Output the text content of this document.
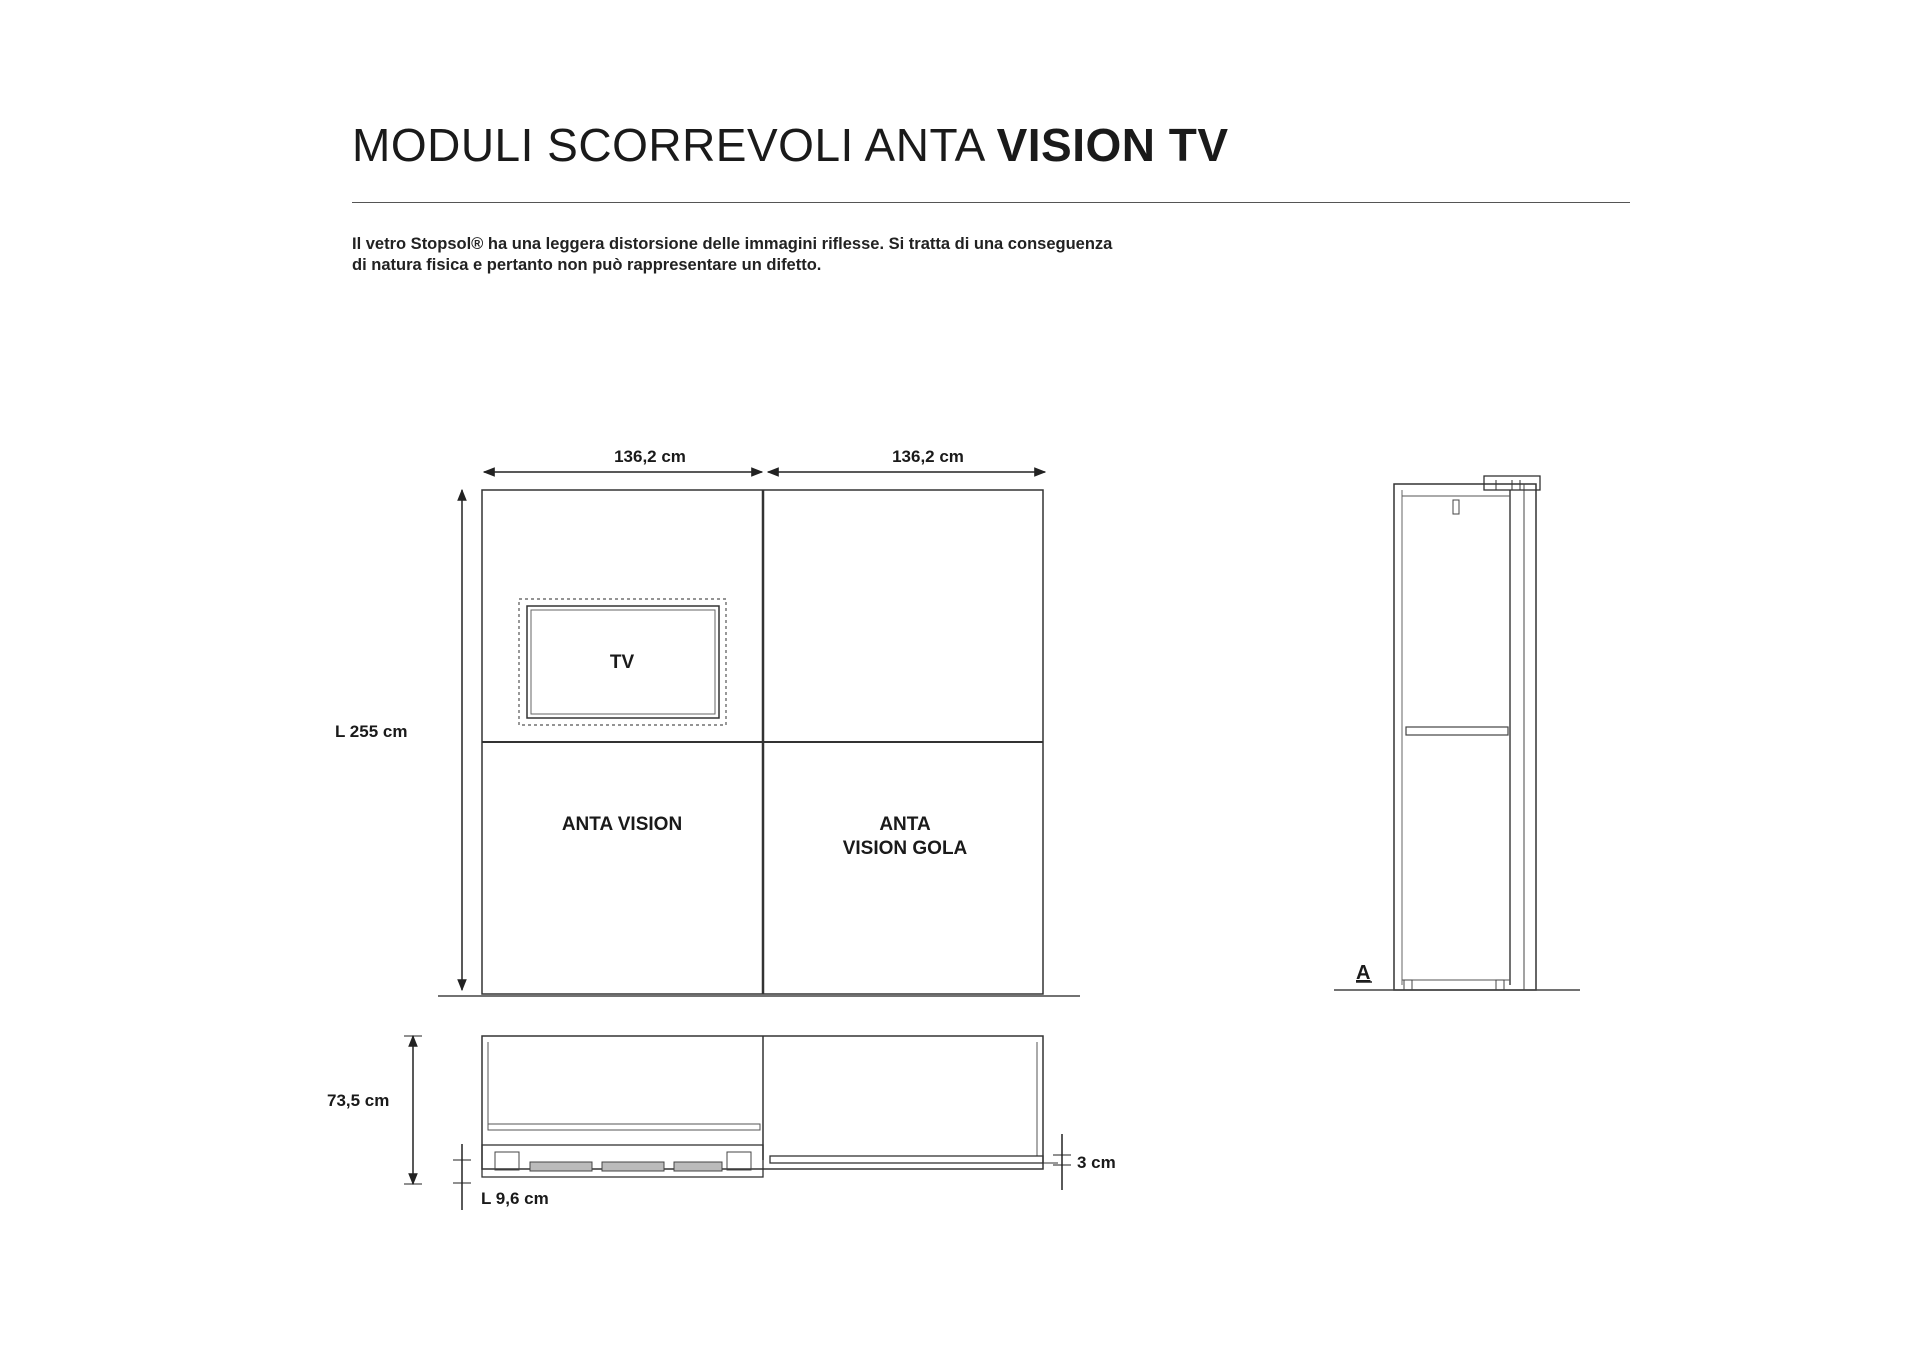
MODULI SCORREVOLI ANTA VISION TV
Il vetro Stopsol® ha una leggera distorsione delle immagini riflesse. Si tratta di una conseguenza
di natura fisica e pertanto non può rappresentare un difetto.
136,2 cm	136,2 cm
L 255 cm
TV
ANTA VISION	ANTA
VISION GOLA
73,5 cm
L 9,6 cm
3 cm
A
